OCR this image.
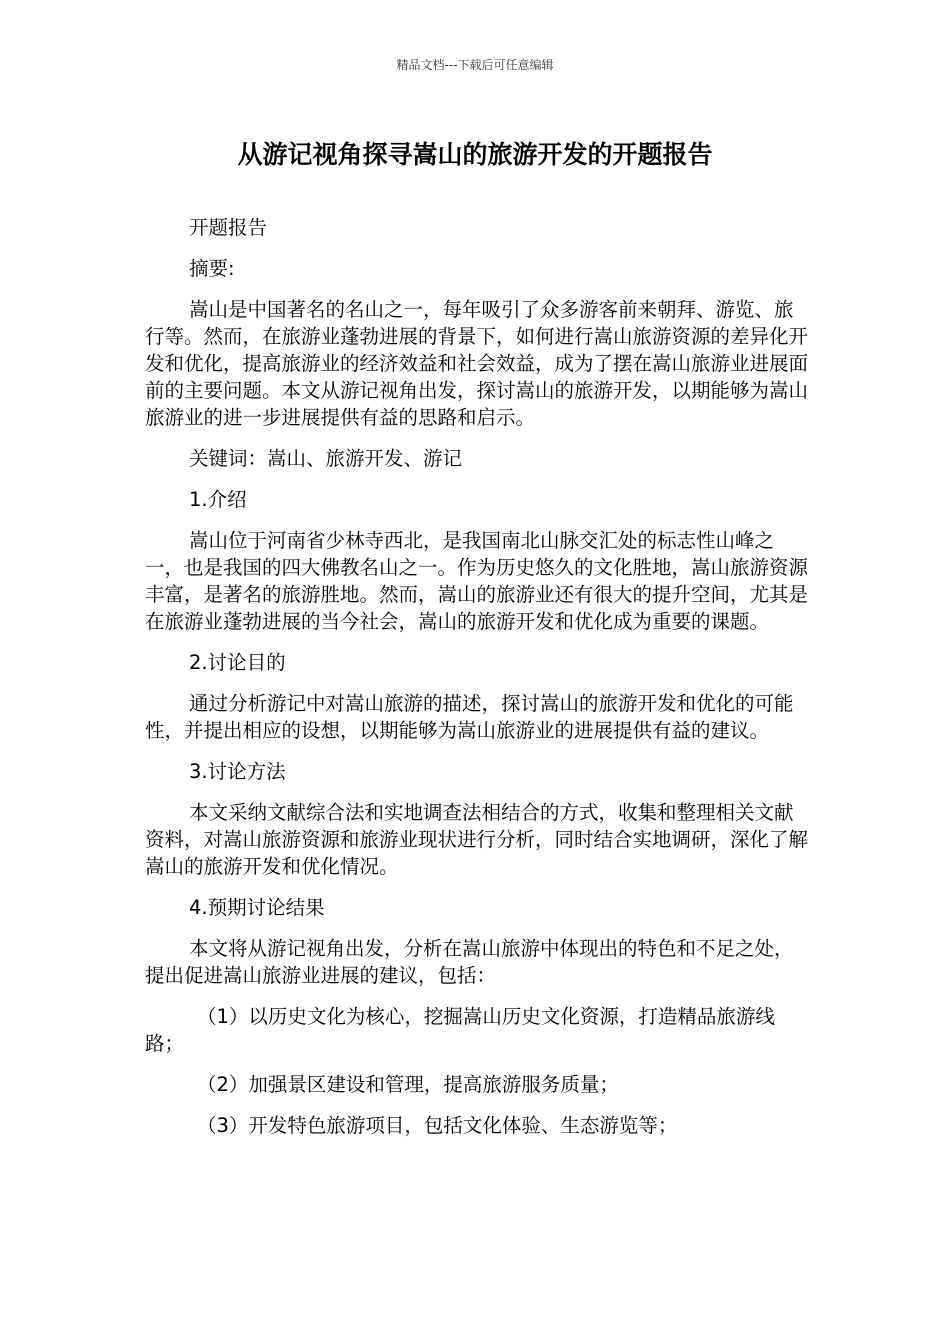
精品文档---下载后可任意编辑
从游记视角探寻嵩山的旅游开发的开题报告

开题报告

摘要:

嵩山是中国著名的名山之一，每年吸引了众多游客前来朝拜、游览、旅行等。然而，在旅游业蓬勃进展的背景下，如何进行嵩山旅游资源的差异化开发和优化，提高旅游业的经济效益和社会效益，成为了摆在嵩山旅游业进展面前的主要问题。本文从游记视角出发，探讨嵩山的旅游开发，以期能够为嵩山旅游业的进一步进展提供有益的思路和启示。

关键词：嵩山、旅游开发、游记

1.介绍

嵩山位于河南省少林寺西北，是我国南北山脉交汇处的标志性山峰之一，也是我国的四大佛教名山之一。作为历史悠久的文化胜地，嵩山旅游资源丰富，是著名的旅游胜地。然而，嵩山的旅游业还有很大的提升空间，尤其是在旅游业蓬勃进展的当今社会，嵩山的旅游开发和优化成为重要的课题。

2.讨论目的

通过分析游记中对嵩山旅游的描述，探讨嵩山的旅游开发和优化的可能性，并提出相应的设想，以期能够为嵩山旅游业的进展提供有益的建议。

3.讨论方法

本文采纳文献综合法和实地调查法相结合的方式，收集和整理相关文献资料，对嵩山旅游资源和旅游业现状进行分析，同时结合实地调研，深化了解嵩山的旅游开发和优化情况。

4.预期讨论结果

本文将从游记视角出发，分析在嵩山旅游中体现出的特色和不足之处，提出促进嵩山旅游业进展的建议，包括：

（1）以历史文化为核心，挖掘嵩山历史文化资源，打造精品旅游线路；

（2）加强景区建设和管理，提高旅游服务质量；

（3）开发特色旅游项目，包括文化体验、生态游览等；
